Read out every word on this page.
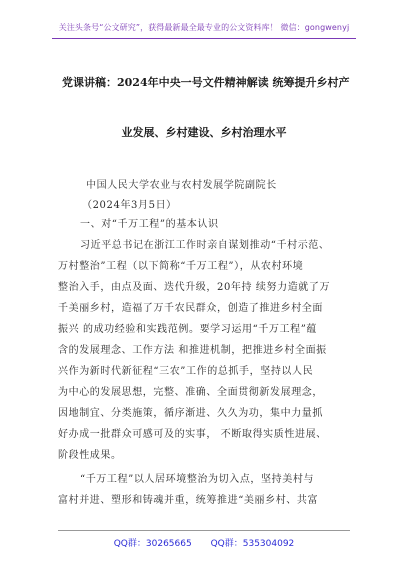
关注头条号“公文研究”，获得最新最全最专业的公文资料库！ 微信：gongwenyj
党课讲稿：2024年中央一号文件精神解读 统筹提升乡村产
业发展、乡村建设、乡村治理水平
中国人民大学农业与农村发展学院副院长
（2024年3月5日）
一、对“千万工程”的基本认识
习近平总书记在浙江工作时亲自谋划推动“千村示范、
万村整治”工程（以下简称“千万工程”），从农村环境
整治入手，由点及面、迭代升级，20年持 续努力造就了万
千美丽乡村，造福了万千农民群众，创造了推进乡村全面
振兴 的成功经验和实践范例。要学习运用“千万工程”蕴
含的发展理念、工作方法 和推进机制，把推进乡村全面振
兴作为新时代新征程“三农”工作的总抓手，坚持以人民
为中心的发展思想，完整、准确、全面贯彻新发展理念，
因地制宜、分类施策，循序渐进、久久为功，集中力量抓
好办成一批群众可感可及的实事， 不断取得实质性进展、
阶段性成果。
“千万工程”以人居环境整治为切入点，坚持美村与
富村并进、塑形和铸魂并重，统筹推进“美丽乡村、共富
QQ群：30265665 QQ群：535304092
